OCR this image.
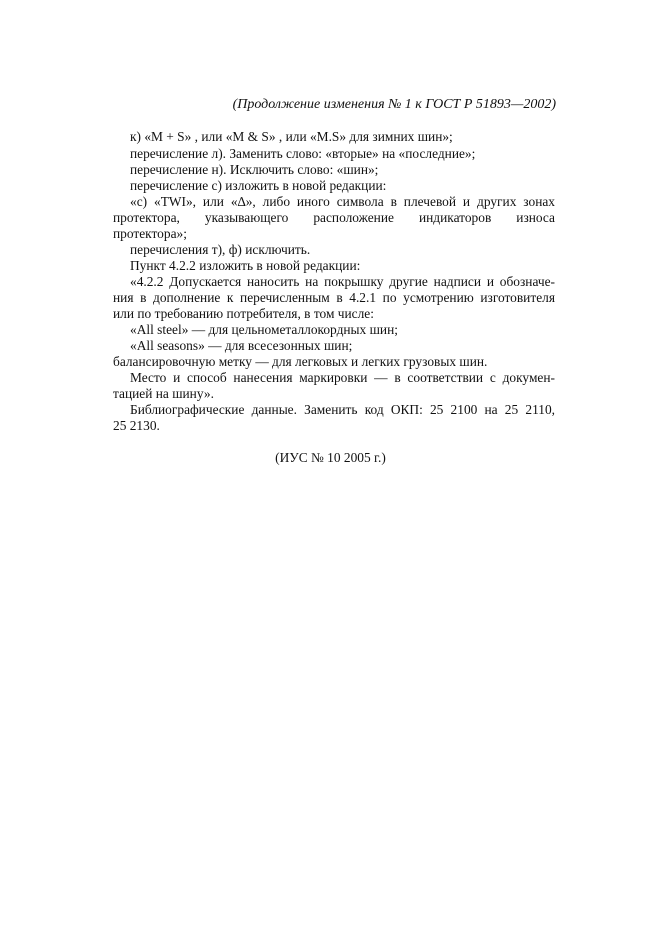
(Продолжение изменения № 1 к ГОСТ Р 51893—2002)
к) «M + S» , или «M & S» , или «M.S» для зимних шин»;
перечисление л). Заменить слово: «вторые» на «последние»;
перечисление н). Исключить слово: «шин»;
перечисление с) изложить в новой редакции:
«с) «TWI», или «∆», либо иного символа в плечевой и других зонах
протектора, указывающего расположение индикаторов износа
протектора»;
перечисления т), ф) исключить.
Пункт 4.2.2 изложить в новой редакции:
«4.2.2 Допускается наносить на покрышку другие надписи и обозначе-
ния в дополнение к перечисленным в 4.2.1 по усмотрению изготовителя
или по требованию потребителя, в том числе:
«All steel» — для цельнометаллокордных шин;
«All seasons» — для всесезонных шин;
балансировочную метку — для легковых и легких грузовых шин.
Место и способ нанесения маркировки — в соответствии с докумен-
тацией на шину».
Библиографические данные. Заменить код ОКП: 25 2100 на 25 2110,
25 2130.
(ИУС № 10 2005 г.)
